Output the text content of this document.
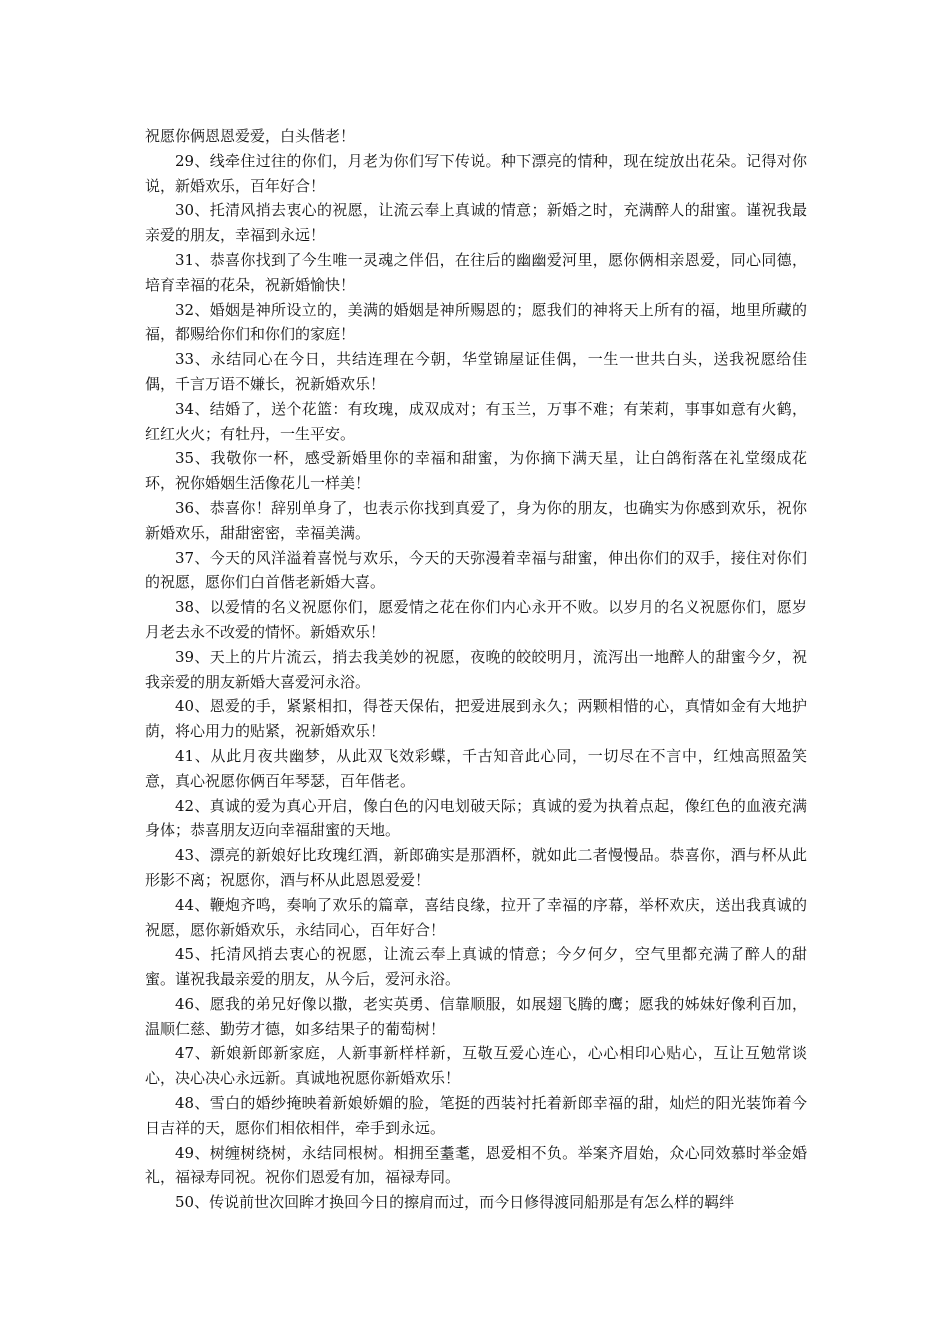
祝愿你俩恩恩爱爱，白头偕老！

29、线牵住过往的你们，月老为你们写下传说。种下漂亮的情种，现在绽放出花朵。记得对你说，新婚欢乐，百年好合！

30、托清风捎去衷心的祝愿，让流云奉上真诚的情意；新婚之时，充满醉人的甜蜜。谨祝我最亲爱的朋友，幸福到永远！

31、恭喜你找到了今生唯一灵魂之伴侣，在往后的幽幽爱河里，愿你俩相亲恩爱，同心同德，培育幸福的花朵，祝新婚愉快！

32、婚姻是神所设立的，美满的婚姻是神所赐恩的；愿我们的神将天上所有的福，地里所藏的福，都赐给你们和你们的家庭！

33、永结同心在今日，共结连理在今朝，华堂锦屋证佳偶，一生一世共白头，送我祝愿给佳偶，千言万语不嫌长，祝新婚欢乐！

34、结婚了，送个花篮：有玫瑰，成双成对；有玉兰，万事不难；有茉莉，事事如意有火鹤，红红火火；有牡丹，一生平安。

35、我敬你一杯，感受新婚里你的幸福和甜蜜，为你摘下满天星，让白鸽衔落在礼堂缀成花环，祝你婚姻生活像花儿一样美！

36、恭喜你！辞别单身了，也表示你找到真爱了，身为你的朋友，也确实为你感到欢乐，祝你新婚欢乐，甜甜密密，幸福美满。

37、今天的风洋溢着喜悦与欢乐，今天的天弥漫着幸福与甜蜜，伸出你们的双手，接住对你们的祝愿，愿你们白首偕老新婚大喜。

38、以爱情的名义祝愿你们，愿爱情之花在你们内心永开不败。以岁月的名义祝愿你们，愿岁月老去永不改爱的情怀。新婚欢乐！

39、天上的片片流云，捎去我美妙的祝愿，夜晚的皎皎明月，流泻出一地醉人的甜蜜今夕，祝我亲爱的朋友新婚大喜爱河永浴。

40、恩爱的手，紧紧相扣，得苍天保佑，把爱进展到永久；两颗相惜的心，真情如金有大地护荫，将心用力的贴紧，祝新婚欢乐！

41、从此月夜共幽梦，从此双飞效彩蝶，千古知音此心同，一切尽在不言中，红烛高照盈笑意，真心祝愿你俩百年琴瑟，百年偕老。

42、真诚的爱为真心开启，像白色的闪电划破天际；真诚的爱为执着点起，像红色的血液充满身体；恭喜朋友迈向幸福甜蜜的天地。

43、漂亮的新娘好比玫瑰红酒，新郎确实是那酒杯，就如此二者慢慢品。恭喜你，酒与杯从此形影不离；祝愿你，酒与杯从此恩恩爱爱！

44、鞭炮齐鸣，奏响了欢乐的篇章，喜结良缘，拉开了幸福的序幕，举杯欢庆，送出我真诚的祝愿，愿你新婚欢乐，永结同心，百年好合！

45、托清风捎去衷心的祝愿，让流云奉上真诚的情意；今夕何夕，空气里都充满了醉人的甜蜜。谨祝我最亲爱的朋友，从今后，爱河永浴。

46、愿我的弟兄好像以撒，老实英勇、信靠顺服，如展翅飞腾的鹰；愿我的姊妹好像利百加，温顺仁慈、勤劳才德，如多结果子的葡萄树！

47、新娘新郎新家庭，人新事新样样新，互敬互爱心连心，心心相印心贴心，互让互勉常谈心，决心决心永远新。真诚地祝愿你新婚欢乐！

48、雪白的婚纱掩映着新娘娇媚的脸，笔挺的西装衬托着新郎幸福的甜，灿烂的阳光装饰着今日吉祥的天，愿你们相依相伴，牵手到永远。

49、树缠树绕树，永结同根树。相拥至耋耄，恩爱相不负。举案齐眉始，众心同效慕时举金婚礼，福禄寿同祝。祝你们恩爱有加，福禄寿同。

50、传说前世次回眸才换回今日的擦肩而过，而今日修得渡同船那是有怎么样的羁绊
